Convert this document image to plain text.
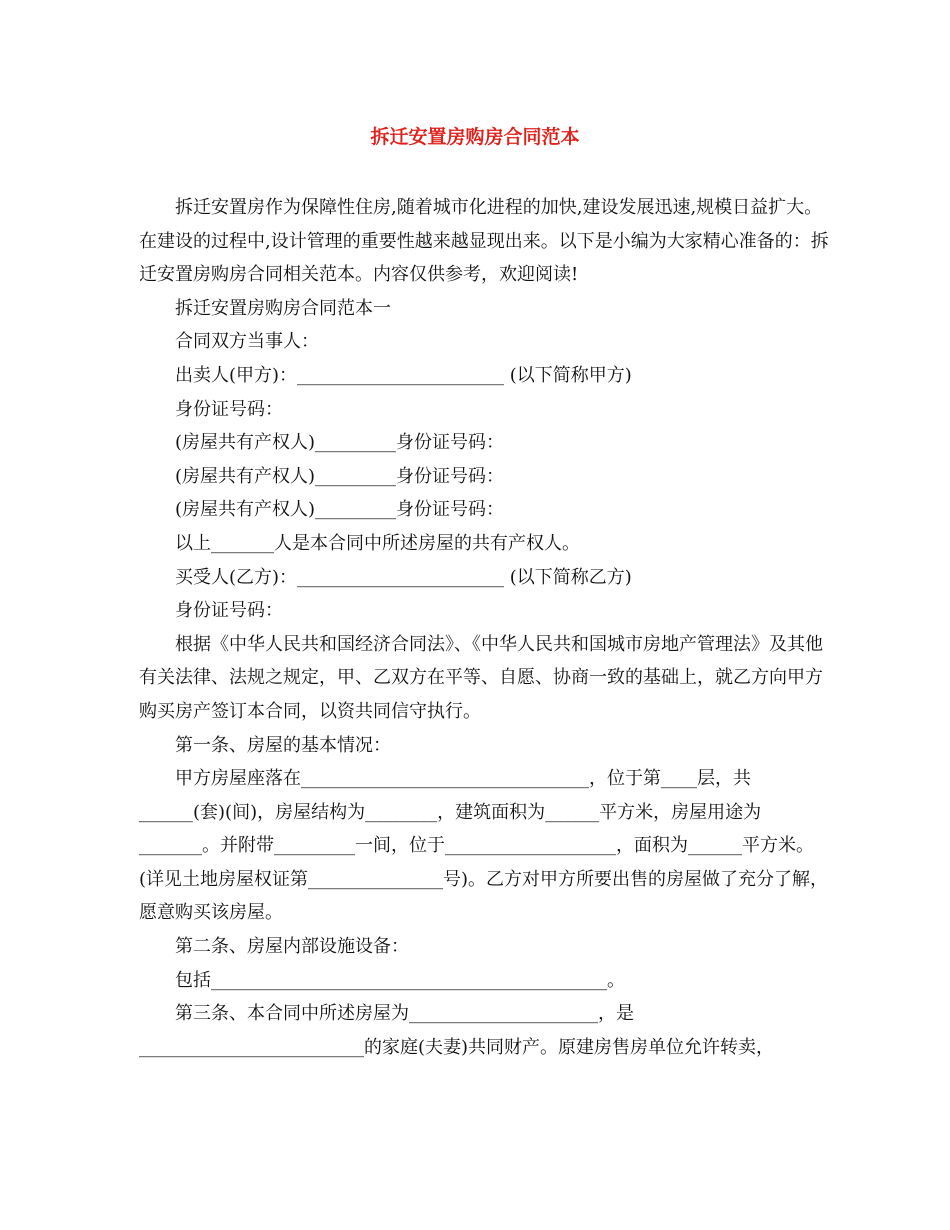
拆迁安置房购房合同范本

拆迁安置房作为保障性住房,随着城市化进程的加快,建设发展迅速,规模日益扩大。在建设的过程中,设计管理的重要性越来越显现出来。以下是小编为大家精心准备的：拆迁安置房购房合同相关范本。内容仅供参考，欢迎阅读!

拆迁安置房购房合同范本一

合同双方当事人：

出卖人(甲方)：_______________________ (以下简称甲方)

身份证号码：

(房屋共有产权人)_________身份证号码：

(房屋共有产权人)_________身份证号码：

(房屋共有产权人)_________身份证号码：

以上_______人是本合同中所述房屋的共有产权人。

买受人(乙方)：_______________________ (以下简称乙方)

身份证号码：

根据《中华人民共和国经济合同法》、《中华人民共和国城市房地产管理法》及其他有关法律、法规之规定，甲、乙双方在平等、自愿、协商一致的基础上，就乙方向甲方购买房产签订本合同，以资共同信守执行。

第一条、房屋的基本情况：

甲方房屋座落在________________________________，位于第____层，共______(套)(间)，房屋结构为________，建筑面积为______平方米，房屋用途为_______。并附带_________一间，位于___________________，面积为______平方米。(详见土地房屋权证第_______________号)。乙方对甲方所要出售的房屋做了充分了解，愿意购买该房屋。

第二条、房屋内部设施设备：

包括____________________________________________。

第三条、本合同中所述房屋为_____________________，是_________________________的家庭(夫妻)共同财产。原建房售房单位允许转卖，
